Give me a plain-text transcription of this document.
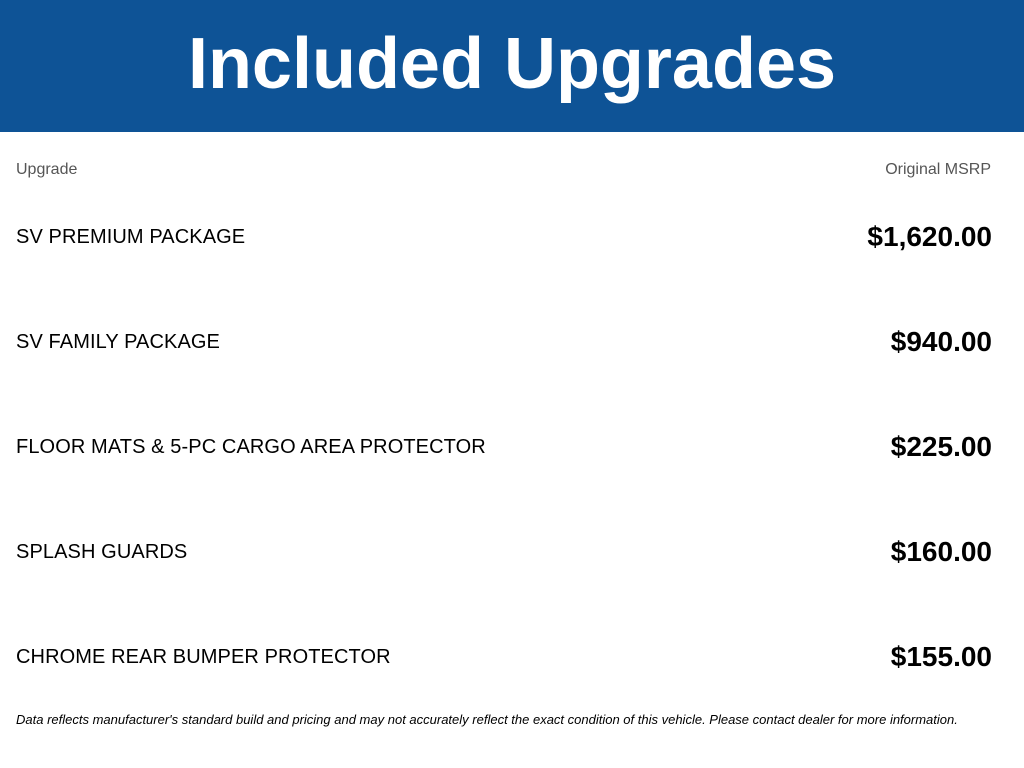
Included Upgrades
Upgrade	Original MSRP
SV PREMIUM PACKAGE	$1,620.00
SV FAMILY PACKAGE	$940.00
FLOOR MATS & 5-PC CARGO AREA PROTECTOR	$225.00
SPLASH GUARDS	$160.00
CHROME REAR BUMPER PROTECTOR	$155.00
Data reflects manufacturer's standard build and pricing and may not accurately reflect the exact condition of this vehicle. Please contact dealer for more information.
